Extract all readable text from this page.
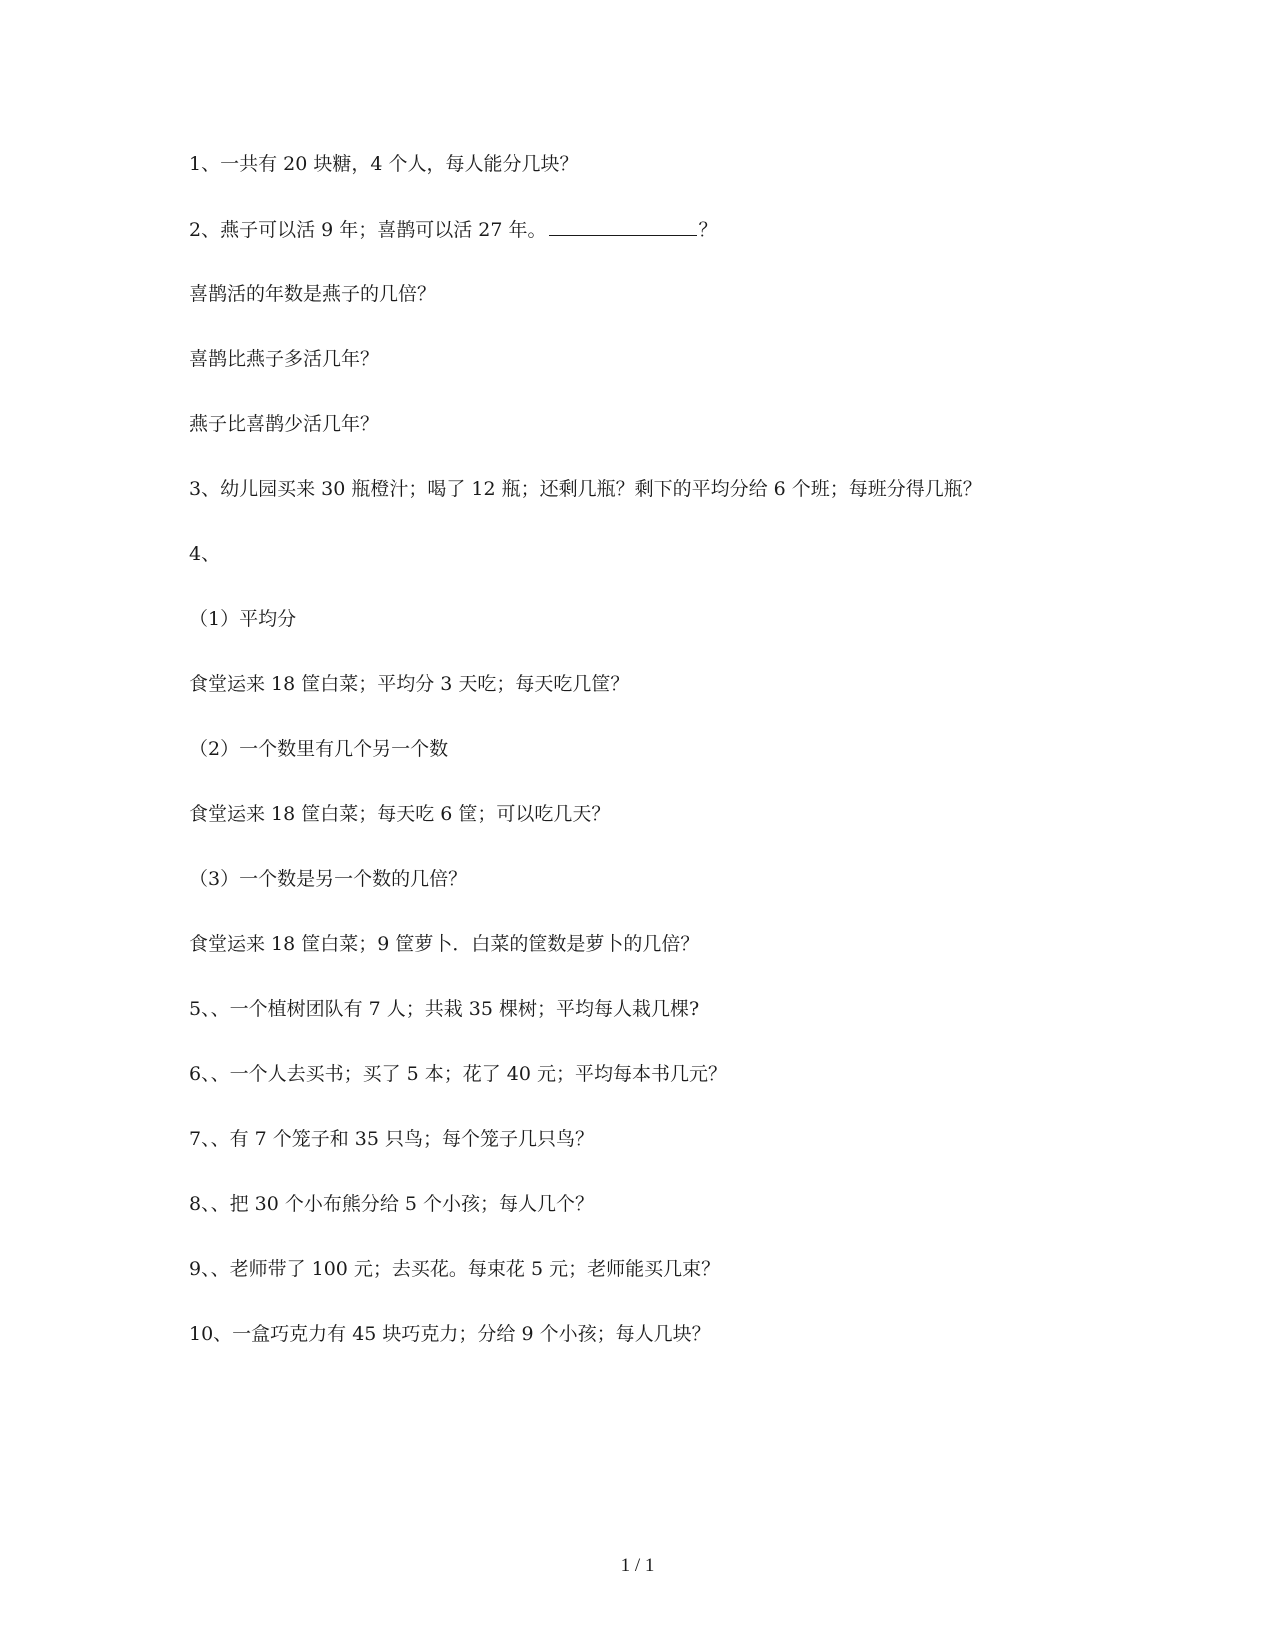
1、一共有 20 块糖，4 个人，每人能分几块？
2、燕子可以活 9 年；喜鹊可以活 27 年。	？
喜鹊活的年数是燕子的几倍？
喜鹊比燕子多活几年？
燕子比喜鹊少活几年？
3、幼儿园买来 30 瓶橙汁；喝了 12 瓶；还剩几瓶？剩下的平均分给 6 个班；每班分得几瓶？
4、
（1）平均分
食堂运来 18 筐白菜；平均分 3 天吃；每天吃几筐？
（2）一个数里有几个另一个数
食堂运来 18 筐白菜；每天吃 6 筐；可以吃几天？
（3）一个数是另一个数的几倍？
食堂运来 18 筐白菜；9 筐萝卜．白菜的筐数是萝卜的几倍？
5、、一个植树团队有 7 人；共栽 35 棵树；平均每人栽几棵?
6、、一个人去买书；买了 5 本；花了 40 元；平均每本书几元？
7、、有 7 个笼子和 35 只鸟；每个笼子几只鸟？
8、、把 30 个小布熊分给 5 个小孩；每人几个？
9、、老师带了 100 元；去买花。每束花 5 元；老师能买几束？
10、一盒巧克力有 45 块巧克力；分给 9 个小孩；每人几块？
1 / 1
